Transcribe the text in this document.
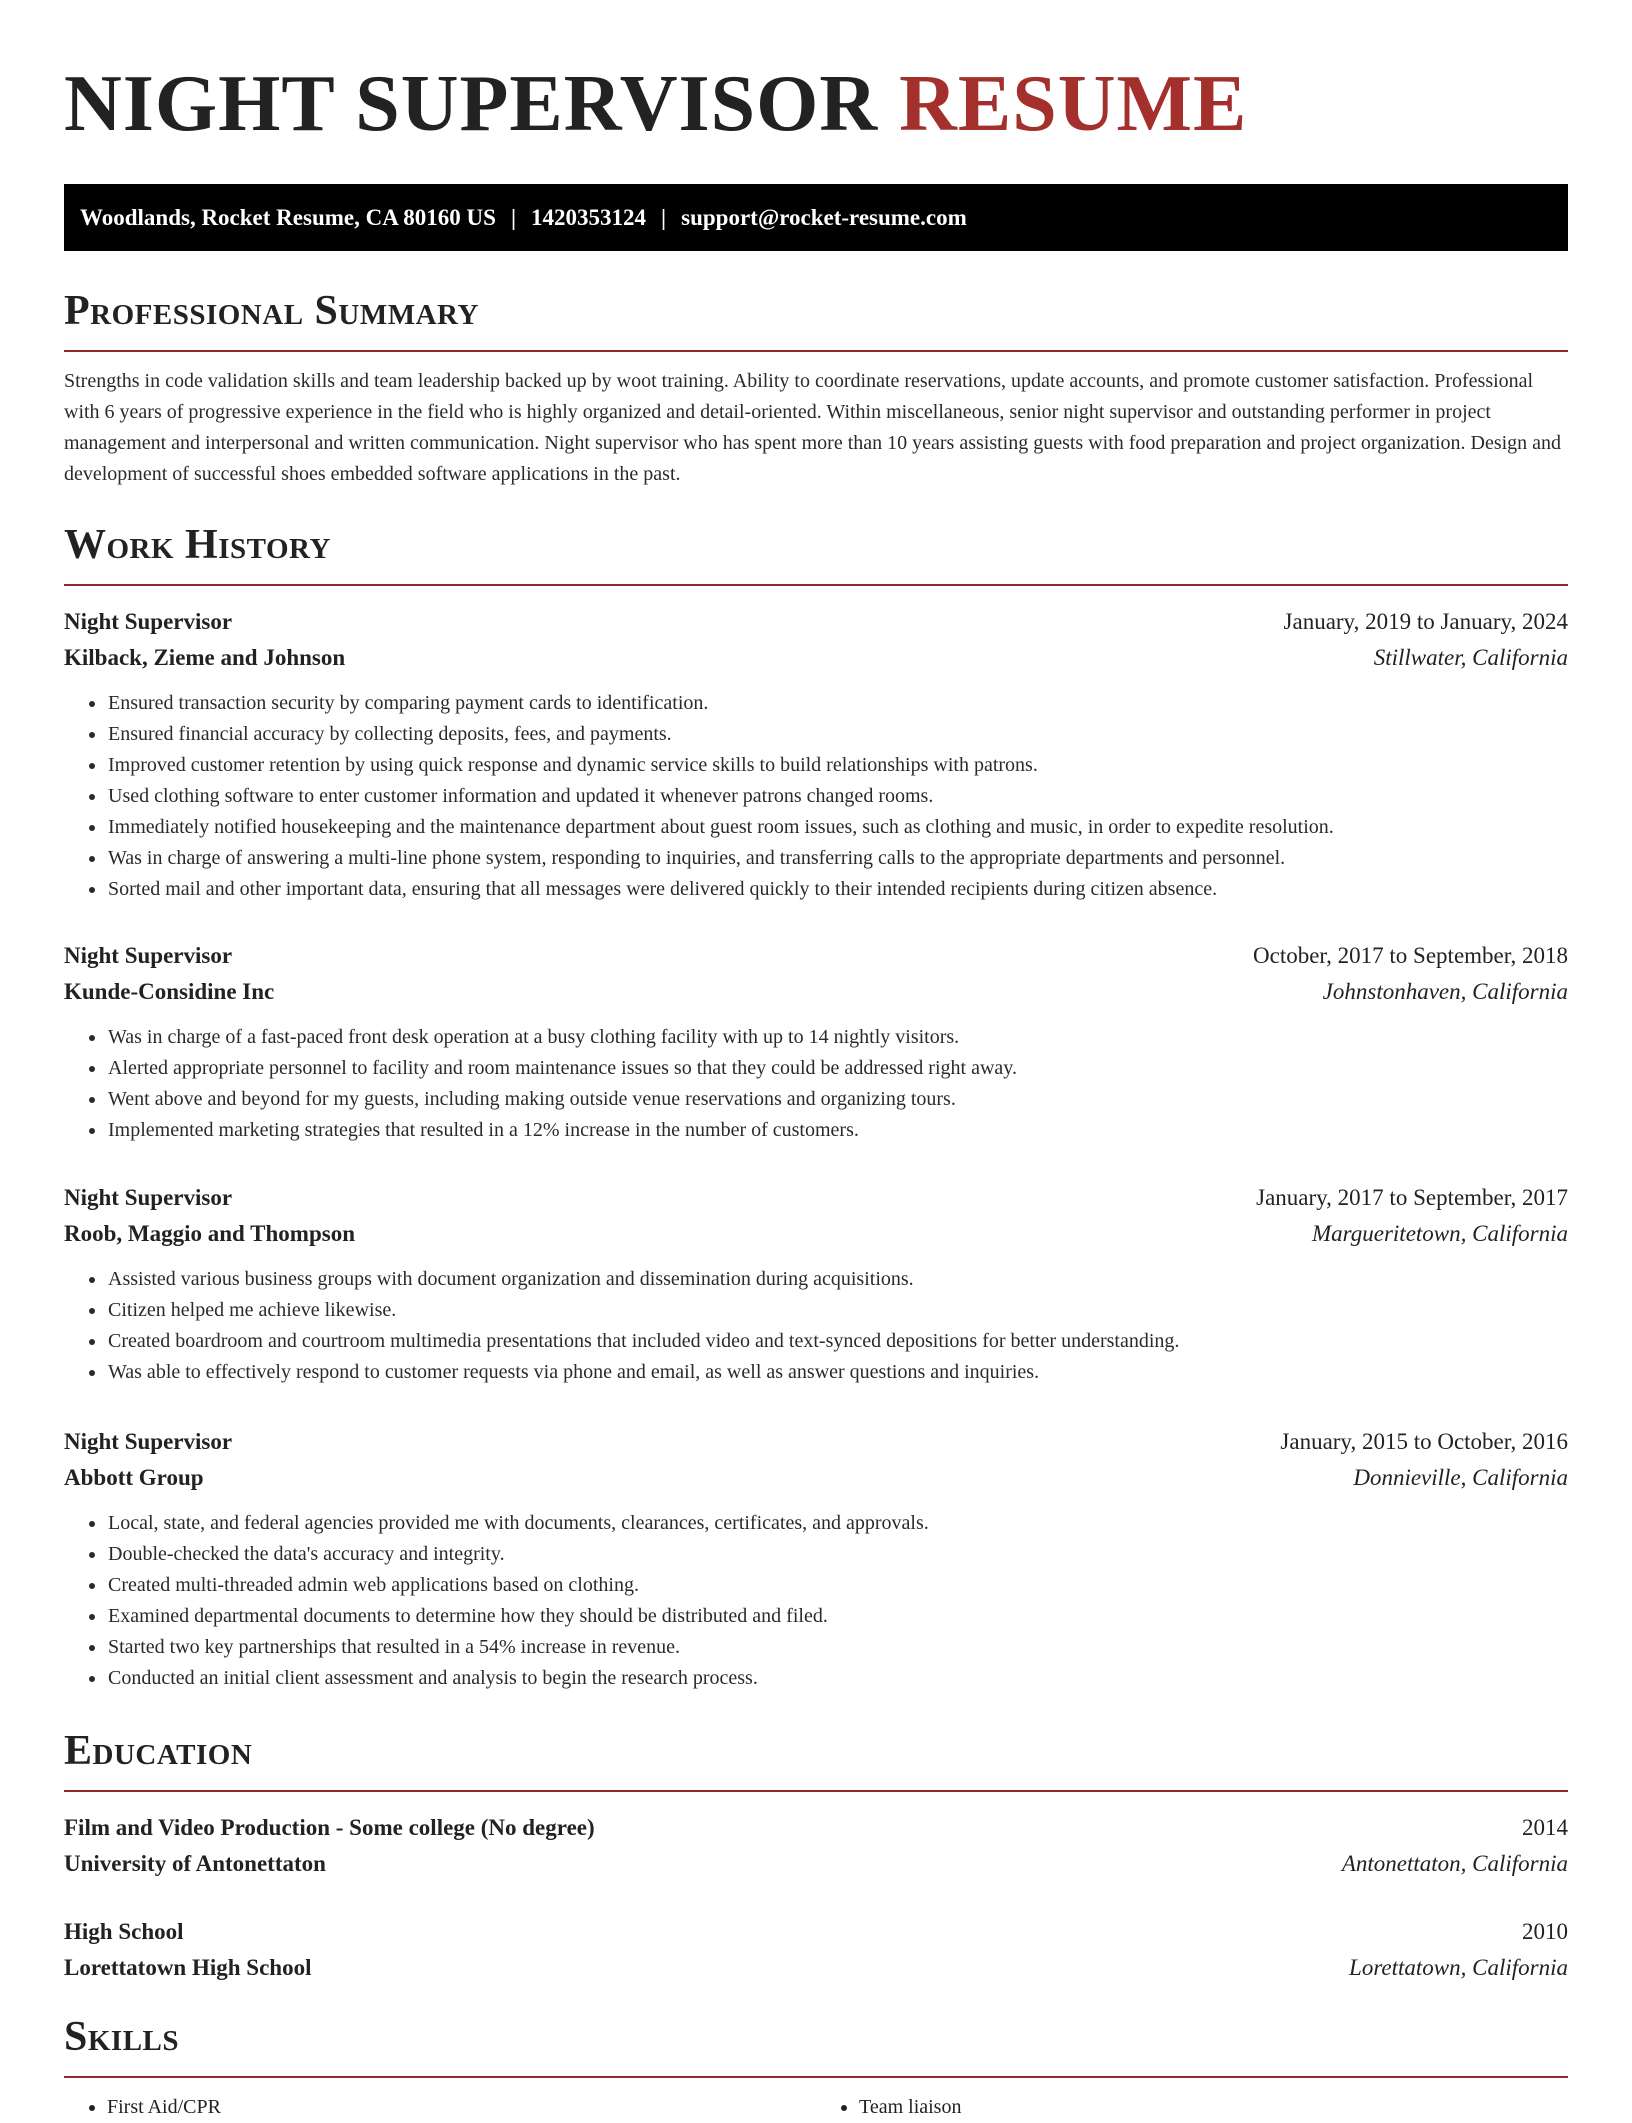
NIGHT SUPERVISOR RESUME
Woodlands, Rocket Resume, CA 80160 US | 1420353124 | support@rocket-resume.com
Professional Summary

Strengths in code validation skills and team leadership backed up by woot training. Ability to coordinate reservations, update accounts, and promote customer satisfaction. Professional with 6 years of progressive experience in the field who is highly organized and detail-oriented. Within miscellaneous, senior night supervisor and outstanding performer in project management and interpersonal and written communication. Night supervisor who has spent more than 10 years assisting guests with food preparation and project organization. Design and development of successful shoes embedded software applications in the past.

Work History
Night Supervisor	January, 2019 to January, 2024
Kilback, Zieme and Johnson	Stillwater, California
• Ensured transaction security by comparing payment cards to identification.
• Ensured financial accuracy by collecting deposits, fees, and payments.
• Improved customer retention by using quick response and dynamic service skills to build relationships with patrons.
• Used clothing software to enter customer information and updated it whenever patrons changed rooms.
• Immediately notified housekeeping and the maintenance department about guest room issues, such as clothing and music, in order to expedite resolution.
• Was in charge of answering a multi-line phone system, responding to inquiries, and transferring calls to the appropriate departments and personnel.
• Sorted mail and other important data, ensuring that all messages were delivered quickly to their intended recipients during citizen absence.
Night Supervisor	October, 2017 to September, 2018
Kunde-Considine Inc	Johnstonhaven, California
• Was in charge of a fast-paced front desk operation at a busy clothing facility with up to 14 nightly visitors.
• Alerted appropriate personnel to facility and room maintenance issues so that they could be addressed right away.
• Went above and beyond for my guests, including making outside venue reservations and organizing tours.
• Implemented marketing strategies that resulted in a 12% increase in the number of customers.
Night Supervisor	January, 2017 to September, 2017
Roob, Maggio and Thompson	Margueritetown, California
• Assisted various business groups with document organization and dissemination during acquisitions.
• Citizen helped me achieve likewise.
• Created boardroom and courtroom multimedia presentations that included video and text-synced depositions for better understanding.
• Was able to effectively respond to customer requests via phone and email, as well as answer questions and inquiries.
Night Supervisor	January, 2015 to October, 2016
Abbott Group	Donnieville, California
• Local, state, and federal agencies provided me with documents, clearances, certificates, and approvals.
• Double-checked the data's accuracy and integrity.
• Created multi-threaded admin web applications based on clothing.
• Examined departmental documents to determine how they should be distributed and filed.
• Started two key partnerships that resulted in a 54% increase in revenue.
• Conducted an initial client assessment and analysis to begin the research process.
Education
Film and Video Production - Some college (No degree)	2014
University of Antonettaton	Antonettaton, California
High School	2010
Lorettatown High School	Lorettatown, California
Skills
• First Aid/CPR
•	Team liaison
